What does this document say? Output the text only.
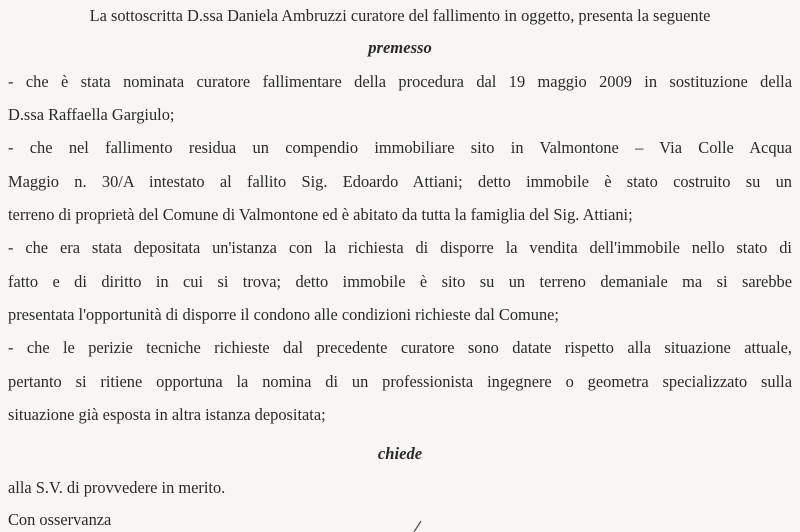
La sottoscritta D.ssa Daniela Ambruzzi curatore del fallimento in oggetto, presenta la seguente
premesso
- che è stata nominata curatore fallimentare della procedura dal 19 maggio 2009 in sostituzione della
D.ssa Raffaella Gargiulo;
- che nel fallimento residua un compendio immobiliare sito in Valmontone – Via Colle Acqua
Maggio n. 30/A intestato al fallito Sig. Edoardo Attiani; detto immobile è stato costruito su un
terreno di proprietà del Comune di Valmontone ed è abitato da tutta la famiglia del Sig. Attiani;
- che era stata depositata un'istanza con la richiesta di disporre la vendita dell'immobile nello stato di
fatto e di diritto in cui si trova; detto immobile è sito su un terreno demaniale ma si sarebbe
presentata l'opportunità di disporre il condono alle condizioni richieste dal Comune;
- che le perizie tecniche richieste dal precedente curatore sono datate rispetto alla situazione attuale,
pertanto si ritiene opportuna la nomina di un professionista ingegnere o geometra specializzato sulla
situazione già esposta in altra istanza depositata;
chiede
alla S.V. di provvedere in merito.
Con osservanza
